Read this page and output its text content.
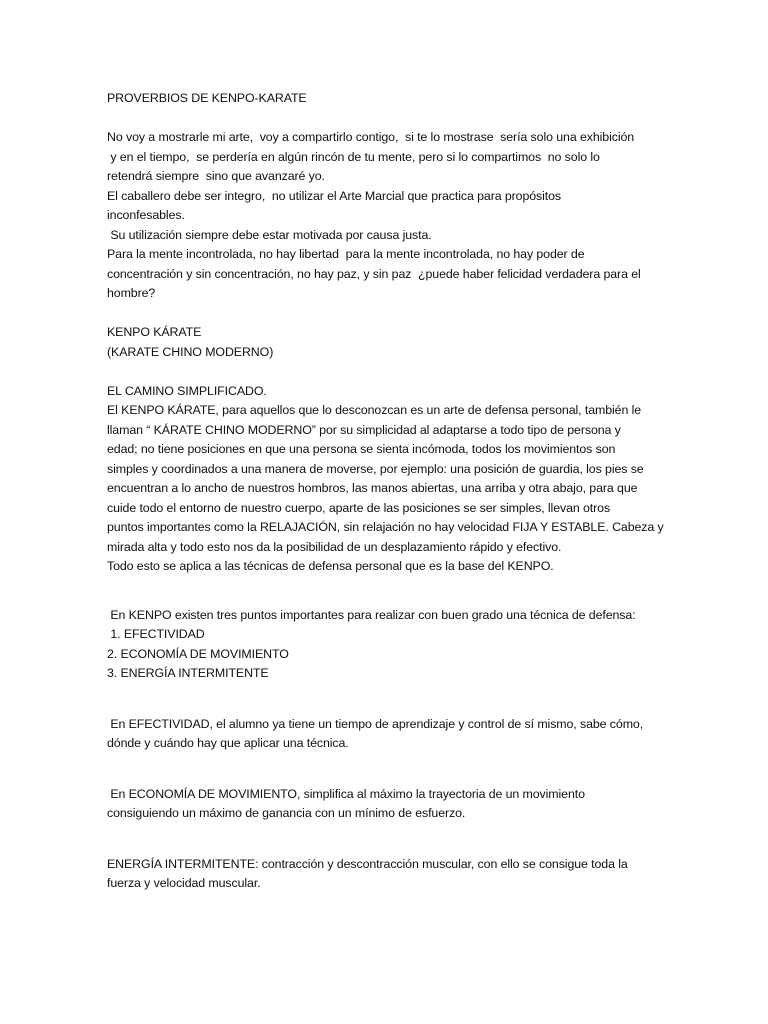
PROVERBIOS DE KENPO-KARATE
No voy a mostrarle mi arte,  voy a compartirlo contigo,  si te lo mostrase  sería solo una exhibición
y en el tiempo,  se perdería en algún rincón de tu mente, pero si lo compartimos  no solo lo
retendrá siempre  sino que avanzaré yo.
El caballero debe ser integro,  no utilizar el Arte Marcial que practica para propósitos
inconfesables.
Su utilización siempre debe estar motivada por causa justa.
Para la mente incontrolada, no hay libertad  para la mente incontrolada, no hay poder de
concentración y sin concentración, no hay paz, y sin paz  ¿puede haber felicidad verdadera para el
hombre?
KENPO KÁRATE
(KARATE CHINO MODERNO)
EL CAMINO SIMPLIFICADO.
El KENPO KÁRATE, para aquellos que lo desconozcan es un arte de defensa personal, también le
llaman “ KÁRATE CHINO MODERNO” por su simplicidad al adaptarse a todo tipo de persona y
edad; no tiene posiciones en que una persona se sienta incómoda, todos los movimientos son
simples y coordinados a una manera de moverse, por ejemplo: una posición de guardia, los pies se
encuentran a lo ancho de nuestros hombros, las manos abiertas, una arriba y otra abajo, para que
cuide todo el entorno de nuestro cuerpo, aparte de las posiciones se ser simples, llevan otros
puntos importantes como la RELAJACIÓN, sin relajación no hay velocidad FIJA Y ESTABLE. Cabeza y
mirada alta y todo esto nos da la posibilidad de un desplazamiento rápido y efectivo.
Todo esto se aplica a las técnicas de defensa personal que es la base del KENPO.
En KENPO existen tres puntos importantes para realizar con buen grado una técnica de defensa:
1. EFECTIVIDAD
2. ECONOMÍA DE MOVIMIENTO
3. ENERGÍA INTERMITENTE
En EFECTIVIDAD, el alumno ya tiene un tiempo de aprendizaje y control de sí mismo, sabe cómo,
dónde y cuándo hay que aplicar una técnica.
En ECONOMÍA DE MOVIMIENTO, simplifica al máximo la trayectoria de un movimiento
consiguiendo un máximo de ganancia con un mínimo de esfuerzo.
ENERGÍA INTERMITENTE: contracción y descontracción muscular, con ello se consigue toda la
fuerza y velocidad muscular.
